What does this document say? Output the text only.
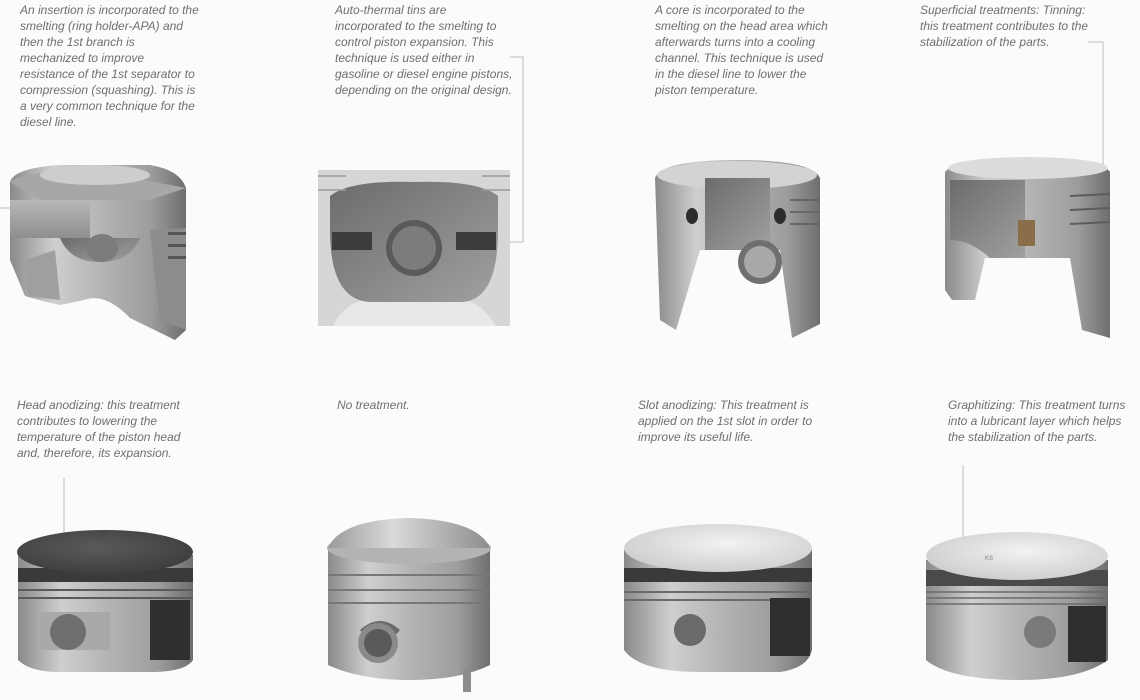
An insertion is incorporated to the smelting (ring holder-APA) and then the 1st branch is mechanized to improve resistance of the 1st separator to compression (squashing). This is a very common technique for the diesel line.

Auto-thermal tins are incorporated to the smelting to control piston expansion. This technique is used either in gasoline or diesel engine pistons, depending on the original design.

A core is incorporated to the smelting on the head area which afterwards turns into a cooling channel. This technique is used in the diesel line to lower the piston temperature.

Superficial treatments: Tinning: this treatment contributes to the stabilization of the parts.

Head anodizing: this treatment contributes to lowering the temperature of the piston head and, therefore, its expansion.

No treatment.	Slot anodizing: This treatment is applied on the 1st slot in order to improve its useful life.

Graphitizing: This treatment turns into a lubricant layer which helps the stabilization of the parts.

KS
